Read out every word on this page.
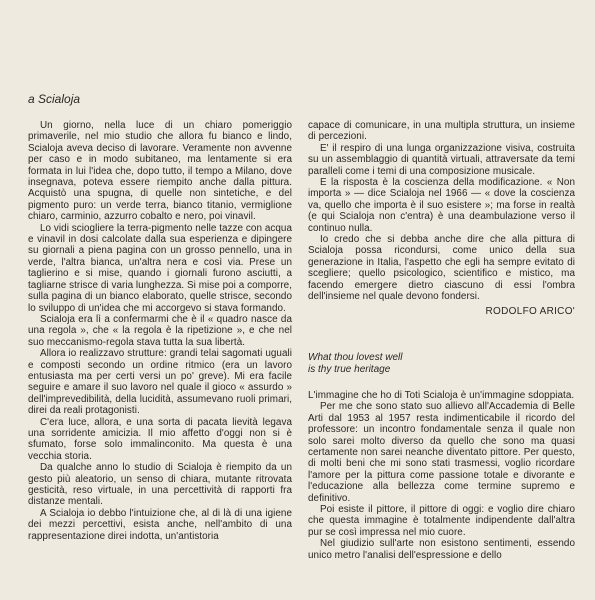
a Scialoja

Un giorno, nella luce di un chiaro pomeriggio primaverile, nel mio studio che allora fu bianco e lindo, Scialoja aveva deciso di lavorare. Veramente non avvenne per caso e in modo subitaneo, ma lentamente si era formata in lui l'idea che, dopo tutto, il tempo a Milano, dove insegnava, poteva essere riempito anche dalla pittura. Acquistò una spugna, di quelle non sintetiche, e del pigmento puro: un verde terra, bianco titanio, vermiglione chiaro, carminio, azzurro cobalto e nero, poi vinavil.

Lo vidi sciogliere la terra-pigmento nelle tazze con acqua e vinavil in dosi calcolate dalla sua esperienza e dipingere su giornali a piena pagina con un grosso pennello, una in verde, l'altra bianca, un'altra nera e così via. Prese un taglierino e si mise, quando i giornali furono asciutti, a tagliarne strisce di varia lunghezza. Si mise poi a comporre, sulla pagina di un bianco elaborato, quelle strisce, secondo lo sviluppo di un'idea che mi accorgevo si stava formando.

Scialoja era lì a confermarmi che è il « quadro nasce da una regola », che « la regola è la ripetizione », e che nel suo meccanismo-regola stava tutta la sua libertà.

Allora io realizzavo strutture: grandi telai sagomati uguali e composti secondo un ordine ritmico (era un lavoro entusiasta ma per certi versi un po' greve). Mi era facile seguire e amare il suo lavoro nel quale il gioco « assurdo » dell'imprevedibilità, della lucidità, assumevano ruoli primari, direi da reali protagonisti.

C'era luce, allora, e una sorta di pacata lievità legava una sorridente amicizia. Il mio affetto d'oggi non si è sfumato, forse solo immalinconito. Ma questa è una vecchia storia.

Da qualche anno lo studio di Scialoja è riempito da un gesto più aleatorio, un senso di chiara, mutante ritrovata gesticità, reso virtuale, in una percettività di rapporti fra distanze mentali.

A Scialoja io debbo l'intuizione che, al di là di una igiene dei mezzi percettivi, esista anche, nell'ambito di una rappresentazione direi indotta, un'antistoria

capace di comunicare, in una multipla struttura, un insieme di percezioni.

E' il respiro di una lunga organizzazione visiva, costruita su un assemblaggio di quantità virtuali, attraversate da temi paralleli come i temi di una composizione musicale.

E la risposta è la coscienza della modificazione. « Non importa » — dice Scialoja nel 1966 — « dove la coscienza va, quello che importa è il suo esistere »; ma forse in realtà (e qui Scialoja non c'entra) è una deambulazione verso il continuo nulla.

Io credo che si debba anche dire che alla pittura di Scialoja possa ricondursi, come unico della sua generazione in Italia, l'aspetto che egli ha sempre evitato di scegliere; quello psicologico, scientifico e mistico, ma facendo emergere dietro ciascuno di essi l'ombra dell'insieme nel quale devono fondersi.

RODOLFO ARICO'

What thou lovest well

is thy true heritage

L'immagine che ho di Toti Scialoja è un'immagine sdoppiata.

Per me che sono stato suo allievo all'Accademia di Belle Arti dal 1953 al 1957 resta indimenticabile il ricordo del professore: un incontro fondamentale senza il quale non solo sarei molto diverso da quello che sono ma quasi certamente non sarei neanche diventato pittore. Per questo, di molti beni che mi sono stati trasmessi, voglio ricordare l'amore per la pittura come passione totale e divorante e l'educazione alla bellezza come termine supremo e definitivo.

Poi esiste il pittore, il pittore di oggi: e voglio dire chiaro che questa immagine è totalmente indipendente dall'altra pur se così impressa nel mio cuore.

Nel giudizio sull'arte non esistono sentimenti, essendo unico metro l'analisi dell'espressione e dello
